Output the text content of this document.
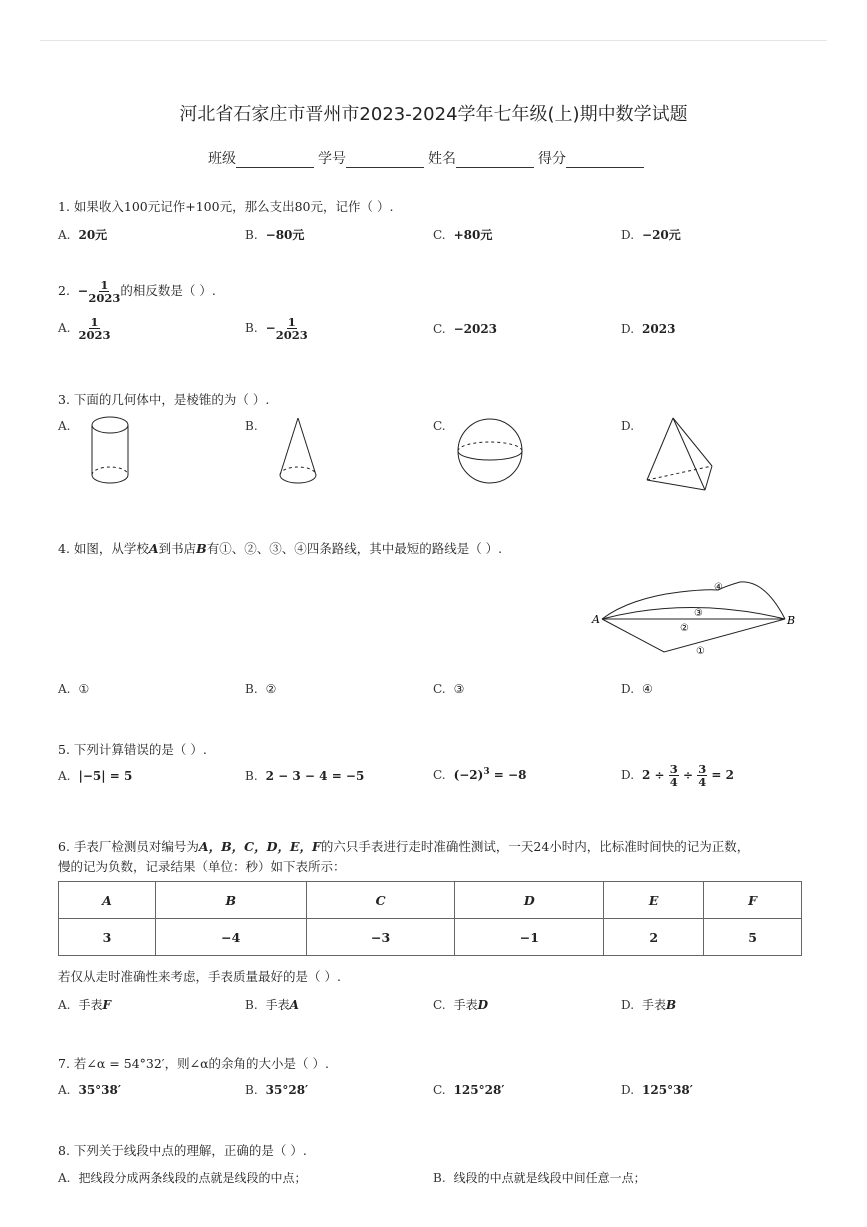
河北省石家庄市晋州市2023-2024学年七年级(上)期中数学试题
班级	学号	姓名	得分
1. 如果收入100元记作+100元，那么支出80元，记作（ ）.
A. 20元	B. −80元	C. +80元	D. −20元
2. − $\frac{1}{2023}$ 的相反数是（ ）.
A. $\frac{1}{2023}$	B. − $\frac{1}{2023}$	C. −2023	D. 2023
3. 下面的几何体中，是棱锥的为（ ）.
A.	B.	C.	D.
4. 如图，从学校A到书店B有①、②、③、④四条路线，其中最短的路线是（ ）.
A	B
④
③
②
①
A. ①	B. ②	C. ③	D. ④
5. 下列计算错误的是（ ）.
A. |−5| = 5	B. 2 − 3 − 4 = −5	C. $(-2)^3 = -8$	D. $2 \div \frac{3}{4} \div \frac{3}{4} = 2$
6. 手表厂检测员对编号为A，B，C，D，E，F的六只手表进行走时准确性测试，一天24小时内，比标准时间快的记为正数，
慢的记为负数，记录结果（单位：秒）如下表所示：
A	B	C	D	E	F
3	−4	−3	−1	2	5
若仅从走时准确性来考虑，手表质量最好的是（ ）.
A. 手表F	B. 手表A	C. 手表D	D. 手表B
7. 若∠α = 54°32′，则∠α的余角的大小是（ ）.
A. 35°38′	B. 35°28′	C. 125°28′	D. 125°38′
8. 下列关于线段中点的理解，正确的是（ ）.
A. 把线段分成两条线段的点就是线段的中点；	B. 线段的中点就是线段中间任意一点；
